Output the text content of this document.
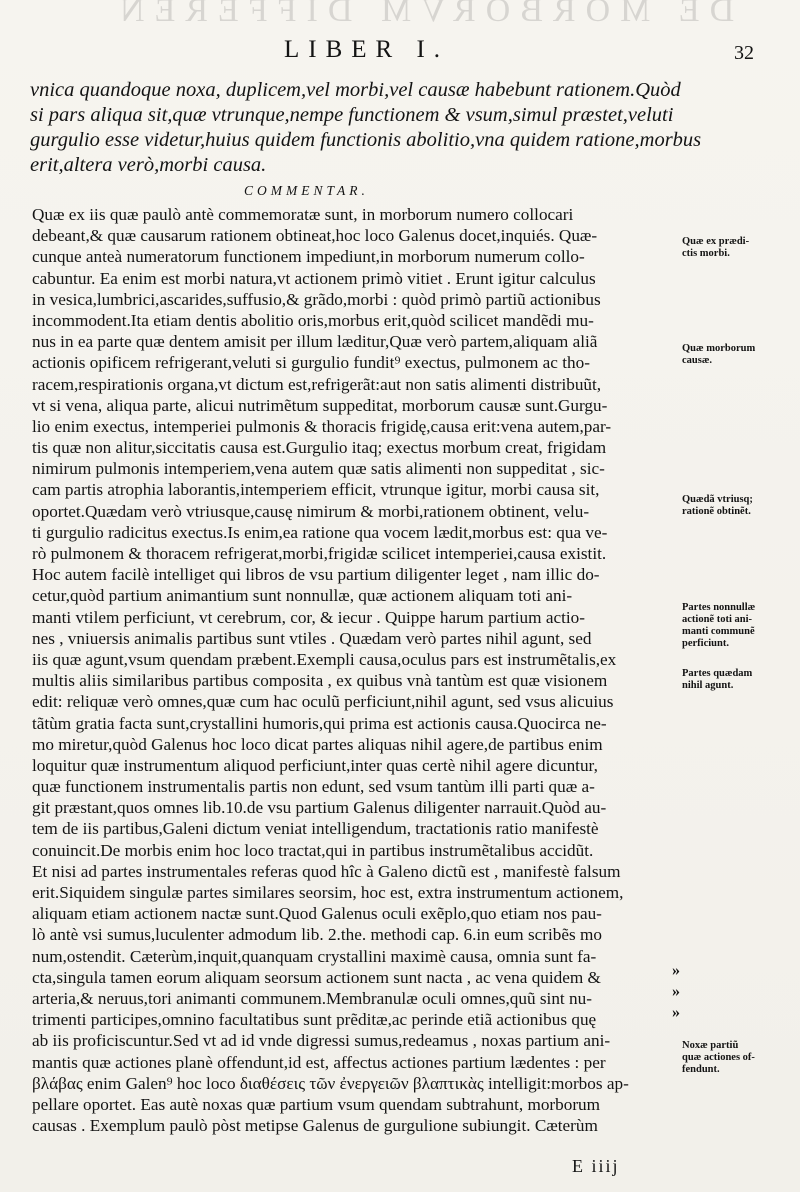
DE MORBORVM DIFFEREN
LIBER I.	32
vnica quandoque noxa, duplicem,vel morbi,vel causæ habebunt rationem.Quòd
si pars aliqua sit,quæ vtrunque,nempe functionem & vsum,simul præstet,veluti
gurgulio esse videtur,huius quidem functionis abolitio,vna quidem ratione,morbus
erit,altera verò,morbi causa.
COMMENTAR.
Quæ ex iis quæ paulò antè commemoratæ sunt, in morborum numero collocari
debeant,& quæ causarum rationem obtineat,hoc loco Galenus docet,inquiés. Quæ-
cunque anteà numeratorum functionem impediunt,in morborum numerum collo-
cabuntur. Ea enim est morbi natura,vt actionem primò vitiet . Erunt igitur calculus
in vesica,lumbrici,ascarides,suffusio,& grãdo,morbi : quòd primò partiũ actionibus
incommodent.Ita etiam dentis abolitio oris,morbus erit,quòd scilicet mandẽdi mu-
nus in ea parte quæ dentem amisit per illum læditur,Quæ verò partem,aliquam aliã
actionis opificem refrigerant,veluti si gurgulio fundit⁹ exectus, pulmonem ac tho-
racem,respirationis organa,vt dictum est,refrigerãt:aut non satis alimenti distribuũt,
vt si vena, aliqua parte, alicui nutrimẽtum suppeditat, morborum causæ sunt.Gurgu-
lio enim exectus, intemperiei pulmonis & thoracis frigidę,causa erit:vena autem,par-
tis quæ non alitur,siccitatis causa est.Gurgulio itaq; exectus morbum creat, frigidam
nimirum pulmonis intemperiem,vena autem quæ satis alimenti non suppeditat , sic-
cam partis atrophia laborantis,intemperiem efficit, vtrunque igitur, morbi causa sit,
oportet.Quædam verò vtriusque,causę nimirum & morbi,rationem obtinent, velu-
ti gurgulio radicitus exectus.Is enim,ea ratione qua vocem lædit,morbus est: qua ve-
rò pulmonem & thoracem refrigerat,morbi,frigidæ scilicet intemperiei,causa existit.
Hoc autem facilè intelliget qui libros de vsu partium diligenter leget , nam illic do-
cetur,quòd partium animantium sunt nonnullæ, quæ actionem aliquam toti ani-
manti vtilem perficiunt, vt cerebrum, cor, & iecur . Quippe harum partium actio-
nes , vniuersis animalis partibus sunt vtiles . Quædam verò partes nihil agunt, sed
iis quæ agunt,vsum quendam præbent.Exempli causa,oculus pars est instrumẽtalis,ex
multis aliis similaribus partibus composita , ex quibus vnà tantùm est quæ visionem
edit: reliquæ verò omnes,quæ cum hac oculũ perficiunt,nihil agunt, sed vsus alicuius
tãtùm gratia facta sunt,crystallini humoris,qui prima est actionis causa.Quocirca ne-
mo miretur,quòd Galenus hoc loco dicat partes aliquas nihil agere,de partibus enim
loquitur quæ instrumentum aliquod perficiunt,inter quas certè nihil agere dicuntur,
quæ functionem instrumentalis partis non edunt, sed vsum tantùm illi parti quæ a-
git præstant,quos omnes lib.10.de vsu partium Galenus diligenter narrauit.Quòd au-
tem de iis partibus,Galeni dictum veniat intelligendum, tractationis ratio manifestè
conuincit.De morbis enim hoc loco tractat,qui in partibus instrumẽtalibus accidũt.
Et nisi ad partes instrumentales referas quod hîc à Galeno dictũ est , manifestè falsum
erit.Siquidem singulæ partes similares seorsim, hoc est, extra instrumentum actionem,
aliquam etiam actionem nactæ sunt.Quod Galenus oculi exẽplo,quo etiam nos pau-
lò antè vsi sumus,luculenter admodum lib. 2.the. methodi cap. 6.in eum scribẽs mo
num,ostendit. Cæterùm,inquit,quanquam crystallini maximè causa, omnia sunt fa-
cta,singula tamen eorum aliquam seorsum actionem sunt nacta , ac vena quidem &
arteria,& neruus,tori animanti communem.Membranulæ oculi omnes,quũ sint nu-
trimenti participes,omnino facultatibus sunt prẽditæ,ac perinde etiã actionibus quę
ab iis proficiscuntur.Sed vt ad id vnde digressi sumus,redeamus , noxas partium ani-
mantis quæ actiones planè offendunt,id est, affectus actiones partium lædentes : per
βλάβας enim Galen⁹ hoc loco διαθέσεις τῶν ἐνεργειῶν βλαπτικὰς intelligit:morbos ap-
pellare oportet. Eas autè noxas quæ partium vsum quendam subtrahunt, morborum
causas . Exemplum paulò pòst metipse Galenus de gurgulione subiungit. Cæterùm
Quæ ex prædi-
ctis morbi.
Quæ morborum
causæ.
Quædã vtriusq;
rationẽ obtinẽt.
Partes nonnullæ
actionẽ toti ani-
manti communẽ
perficiunt.
Partes quædam
nihil agunt.
Noxæ partiũ
quæ actiones of-
fendunt.
»
»
»
E iiij
